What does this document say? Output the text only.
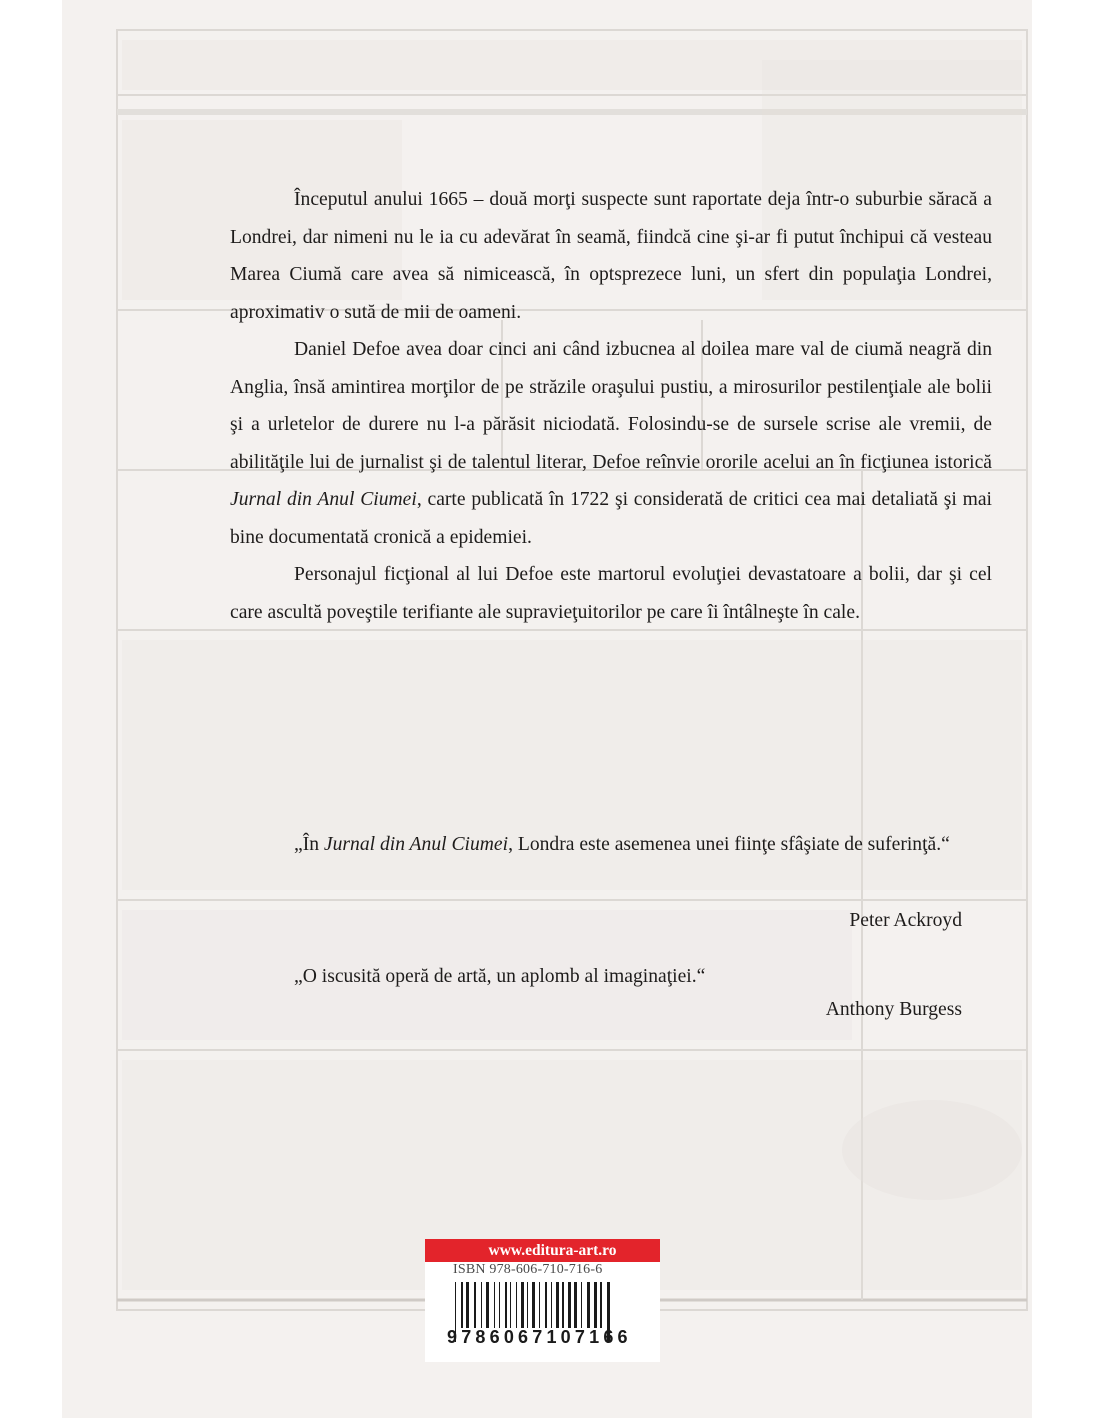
Începutul anului 1665 – două morţi suspecte sunt raportate deja într-o suburbie săracă a Londrei, dar nimeni nu le ia cu adevărat în seamă, fiindcă cine şi-ar fi putut închipui că vesteau Marea Ciumă care avea să nimicească, în optsprezece luni, un sfert din populaţia Londrei, aproximativ o sută de mii de oameni.

Daniel Defoe avea doar cinci ani când izbucnea al doilea mare val de ciumă neagră din Anglia, însă amintirea morţilor de pe străzile oraşului pustiu, a mirosurilor pestilenţiale ale bolii şi a urletelor de durere nu l-a părăsit niciodată. Folosindu-se de sursele scrise ale vremii, de abilităţile lui de jurnalist şi de talentul literar, Defoe reînvie ororile acelui an în ficţiunea istorică Jurnal din Anul Ciumei, carte publicată în 1722 şi considerată de critici cea mai detaliată şi mai bine documentată cronică a epidemiei.

Personajul ficţional al lui Defoe este martorul evoluţiei devastatoare a bolii, dar şi cel care ascultă poveştile terifiante ale supravieţuitorilor pe care îi întâlneşte în cale.

„În Jurnal din Anul Ciumei, Londra este asemenea unei fiinţe sfâşiate de suferinţă.“

Peter Ackroyd

„O iscusită operă de artă, un aplomb al imaginaţiei.“

Anthony Burgess
www.editura-art.ro
ISBN 978-606-710-716-6
9786067107166
